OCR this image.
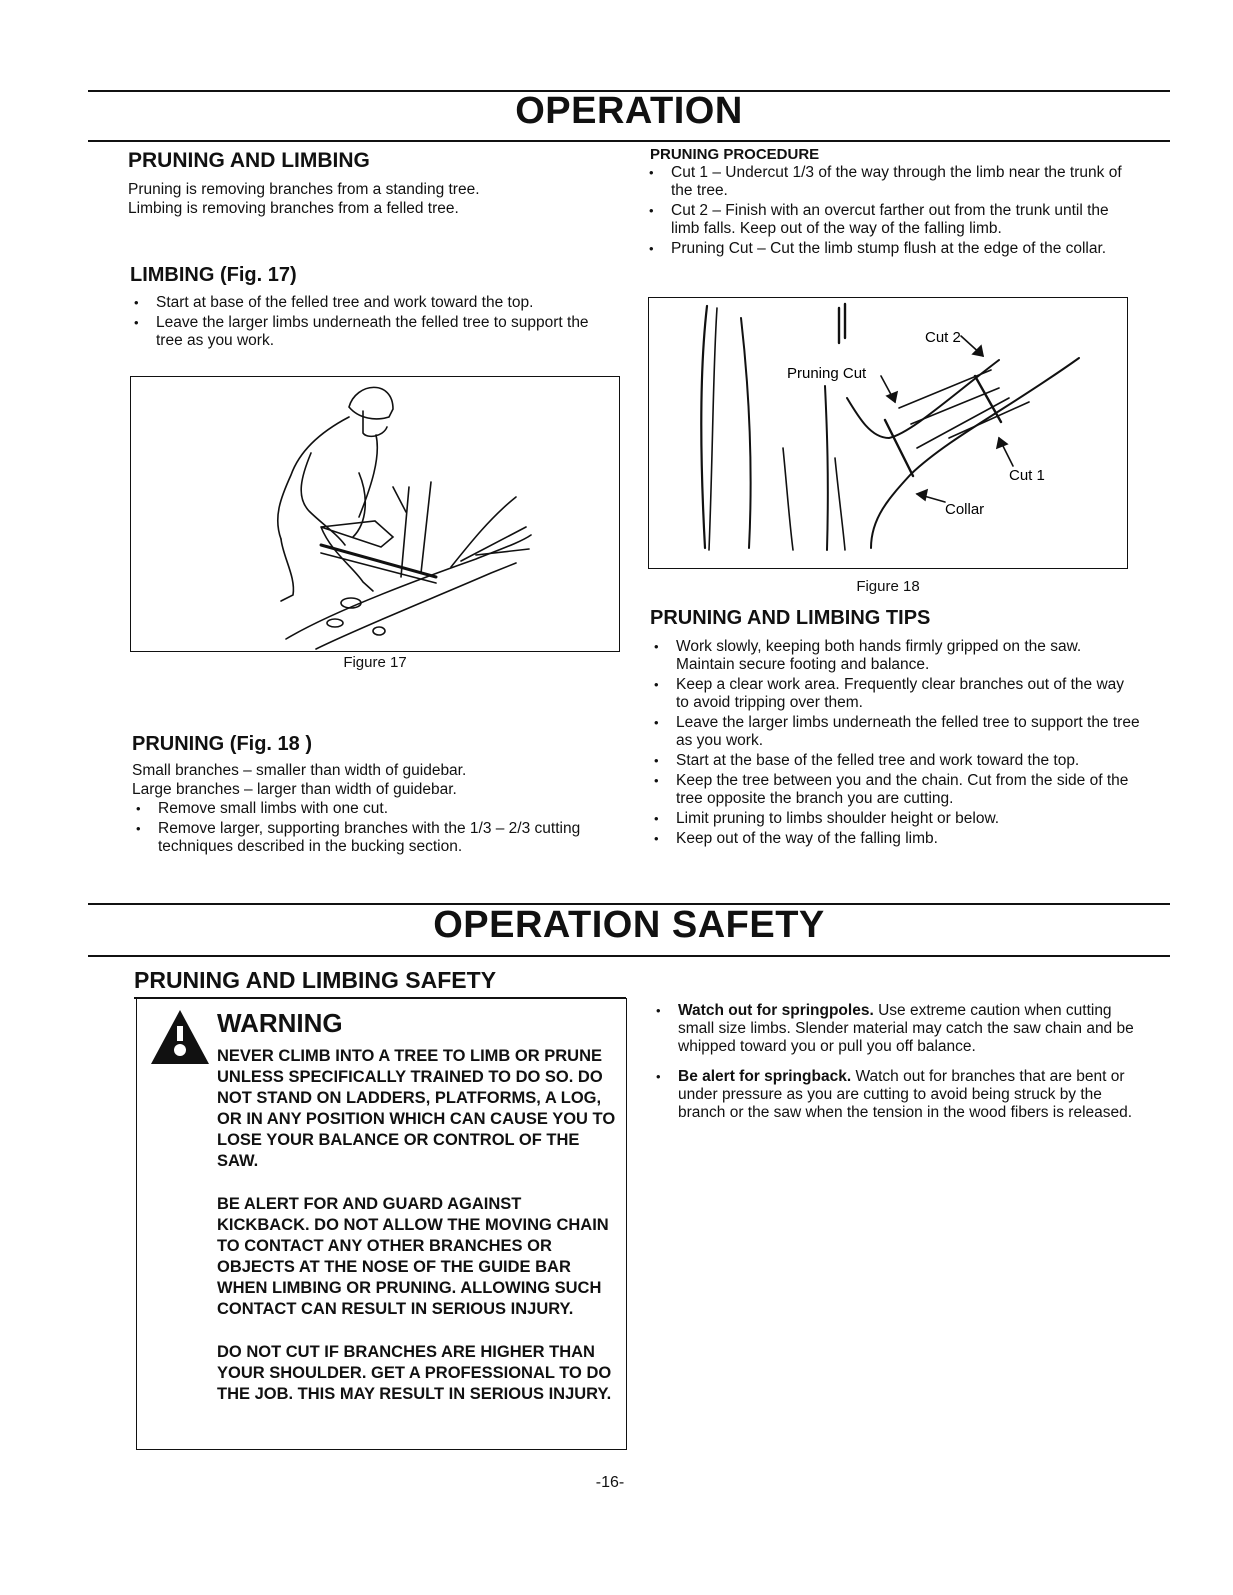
OPERATION
PRUNING AND LIMBING
Pruning is removing branches from a standing tree.
Limbing is removing branches from a felled tree.
LIMBING (Fig. 17)
• Start at base of the felled tree and work toward the top.
• Leave the larger limbs underneath the felled tree to support the tree as you work.
Figure 17
PRUNING (Fig. 18 )
Small branches – smaller than width of guidebar.
Large branches – larger than width of guidebar.
• Remove small limbs with one cut.
• Remove larger, supporting branches with the 1/3 – 2/3 cutting techniques described in the bucking section.
PRUNING PROCEDURE
• Cut 1 – Undercut 1/3 of the way through the limb near the trunk of the tree.
• Cut 2 – Finish with an overcut farther out from the trunk until the limb falls. Keep out of the way of the falling limb.
• Pruning Cut – Cut the limb stump flush at the edge of the collar.
Cut 2
Pruning Cut
Cut 1
Collar
Figure 18
PRUNING AND LIMBING TIPS
• Work slowly, keeping both hands firmly gripped on the saw. Maintain secure footing and balance.
• Keep a clear work area. Frequently clear branches out of the way to avoid tripping over them.
• Leave the larger limbs underneath the felled tree to support the tree as you work.
• Start at the base of the felled tree and work toward the top.
• Keep the tree between you and the chain. Cut from the side of the tree opposite the branch you are cutting.
• Limit pruning to limbs shoulder height or below.
• Keep out of the way of the falling limb.
OPERATION SAFETY
PRUNING AND LIMBING SAFETY
WARNING

NEVER CLIMB INTO A TREE TO LIMB OR PRUNE UNLESS SPECIFICALLY TRAINED TO DO SO. DO NOT STAND ON LADDERS, PLATFORMS, A LOG, OR IN ANY POSITION WHICH CAN CAUSE YOU TO LOSE YOUR BALANCE OR CONTROL OF THE SAW.

BE ALERT FOR AND GUARD AGAINST KICKBACK. DO NOT ALLOW THE MOVING CHAIN TO CONTACT ANY OTHER BRANCHES OR OBJECTS AT THE NOSE OF THE GUIDE BAR WHEN LIMBING OR PRUNING. ALLOWING SUCH CONTACT CAN RESULT IN SERIOUS INJURY.

DO NOT CUT IF BRANCHES ARE HIGHER THAN YOUR SHOULDER. GET A PROFESSIONAL TO DO THE JOB. THIS MAY RESULT IN SERIOUS INJURY.

• Watch out for springpoles. Use extreme caution when cutting small size limbs. Slender material may catch the saw chain and be whipped toward you or pull you off balance.
• Be alert for springback. Watch out for branches that are bent or under pressure as you are cutting to avoid being struck by the branch or the saw when the tension in the wood fibers is released.
-16-
